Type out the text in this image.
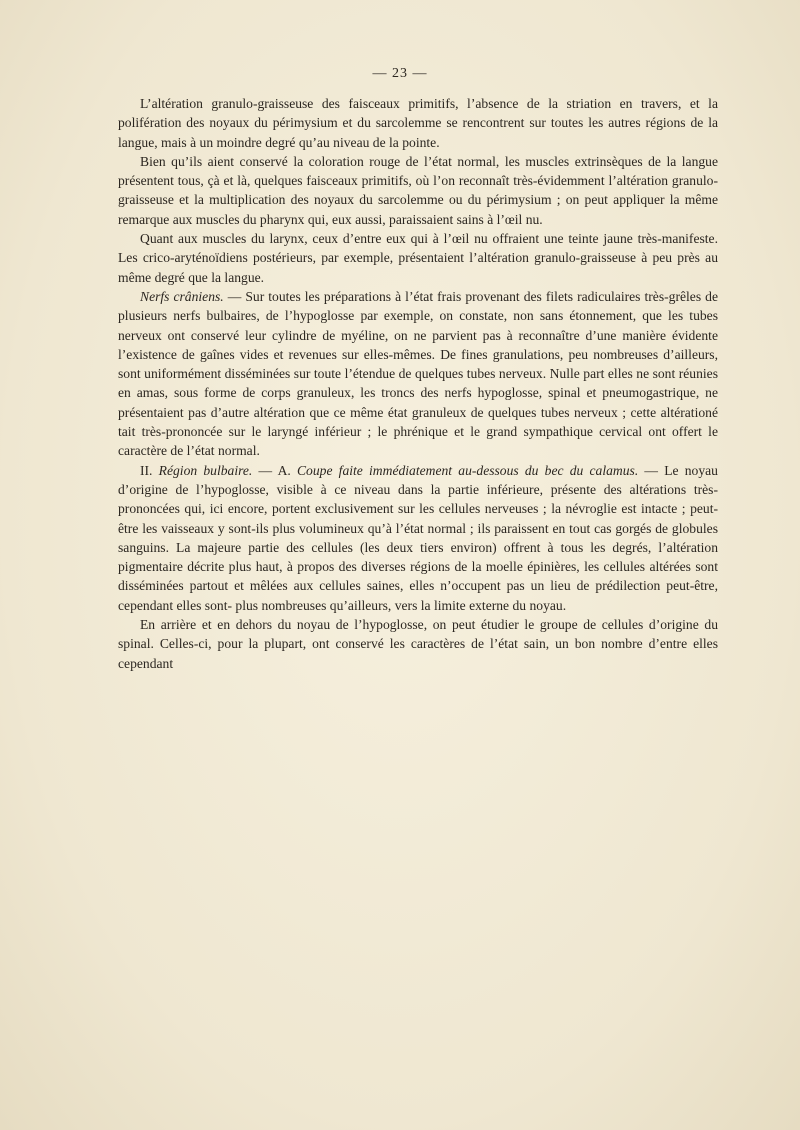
— 23 —

L’altération granulo-graisseuse des faisceaux primitifs, l’absence de la striation en travers, et la polifération des noyaux du périmysium et du sarcolemme se rencontrent sur toutes les autres régions de la langue, mais à un moindre degré qu’au niveau de la pointe.

Bien qu’ils aient conservé la coloration rouge de l’état normal, les muscles extrinsèques de la langue présentent tous, çà et là, quelques faisceaux primitifs, où l’on reconnaît très-évidemment l’altération granulo-graisseuse et la multiplication des noyaux du sarcolemme ou du périmysium ; on peut appliquer la même remarque aux muscles du pharynx qui, eux aussi, paraissaient sains à l’œil nu.

Quant aux muscles du larynx, ceux d’entre eux qui à l’œil nu offraient une teinte jaune très-manifeste. Les crico-aryténoïdiens postérieurs, par exemple, présentaient l’altération granulo-graisseuse à peu près au même degré que la langue.

Nerfs crâniens. — Sur toutes les préparations à l’état frais provenant des filets radiculaires très-grêles de plusieurs nerfs bulbaires, de l’hypoglosse par exemple, on constate, non sans étonnement, que les tubes nerveux ont conservé leur cylindre de myéline, on ne parvient pas à reconnaître d’une manière évidente l’existence de gaînes vides et revenues sur elles-mêmes. De fines granulations, peu nombreuses d’ailleurs, sont uniformément disséminées sur toute l’étendue de quelques tubes nerveux. Nulle part elles ne sont réunies en amas, sous forme de corps granuleux, les troncs des nerfs hypoglosse, spinal et pneumogastrique, ne présentaient pas d’autre altération que ce même état granuleux de quelques tubes nerveux ; cette altérationé tait très-prononcée sur le laryngé inférieur ; le phrénique et le grand sympathique cervical ont offert le caractère de l’état normal.

II. Région bulbaire. — A. Coupe faite immédiatement au-dessous du bec du calamus. — Le noyau d’origine de l’hypoglosse, visible à ce niveau dans la partie inférieure, présente des altérations très-prononcées qui, ici encore, portent exclusivement sur les cellules nerveuses ; la névroglie est intacte ; peut-être les vaisseaux y sont-ils plus volumineux qu’à l’état normal ; ils paraissent en tout cas gorgés de globules sanguins. La majeure partie des cellules (les deux tiers environ) offrent à tous les degrés, l’altération pigmentaire décrite plus haut, à propos des diverses régions de la moelle épinières, les cellules altérées sont disséminées partout et mêlées aux cellules saines, elles n’occupent pas un lieu de prédilection peut-être, cependant elles sont- plus nombreuses qu’ailleurs, vers la limite externe du noyau.

En arrière et en dehors du noyau de l’hypoglosse, on peut étudier le groupe de cellules d’origine du spinal. Celles-ci, pour la plupart, ont conservé les caractères de l’état sain, un bon nombre d’entre elles cependant
